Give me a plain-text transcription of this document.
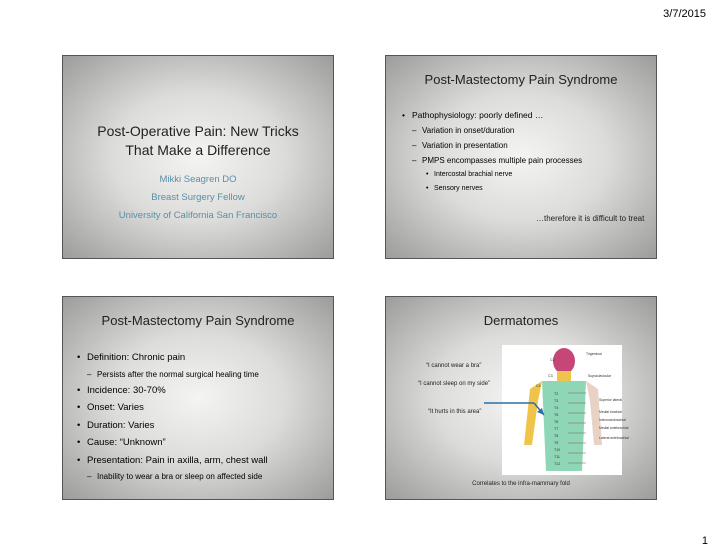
3/7/2015
Post-Operative Pain: New Tricks
That Make a Difference
Mikki Seagren DO
Breast Surgery Fellow
University of California San Francisco
Post-Mastectomy Pain Syndrome
• Pathophysiology: poorly defined …
– Variation in onset/duration
– Variation in presentation
– PMPS encompasses multiple pain processes
• Intercostal brachial nerve
• Sensory nerves
…therefore it is difficult to treat
Post-Mastectomy Pain Syndrome
• Definition: Chronic pain
– Persists after the normal surgical healing time
• Incidence: 30-70%
• Onset: Varies
• Duration: Varies
• Cause: “Unknown”
• Presentation: Pain in axilla, arm, chest wall
– Inability to wear a bra or sleep on affected side
Dermatomes
“I cannot wear a bra”
“I cannot sleep on my side”
“It hurts in this area”
C2
C3
C4
T2
T3
T4
T5
T6
T7
T8
T9
T10
T11
T12
Trigeminal
Supraclavicular
Superior lateral
Medial brachial
Intercostobrachial
Medial antebrachial
Lateral antebrachial
Correlates to the infra-mammary fold
1
